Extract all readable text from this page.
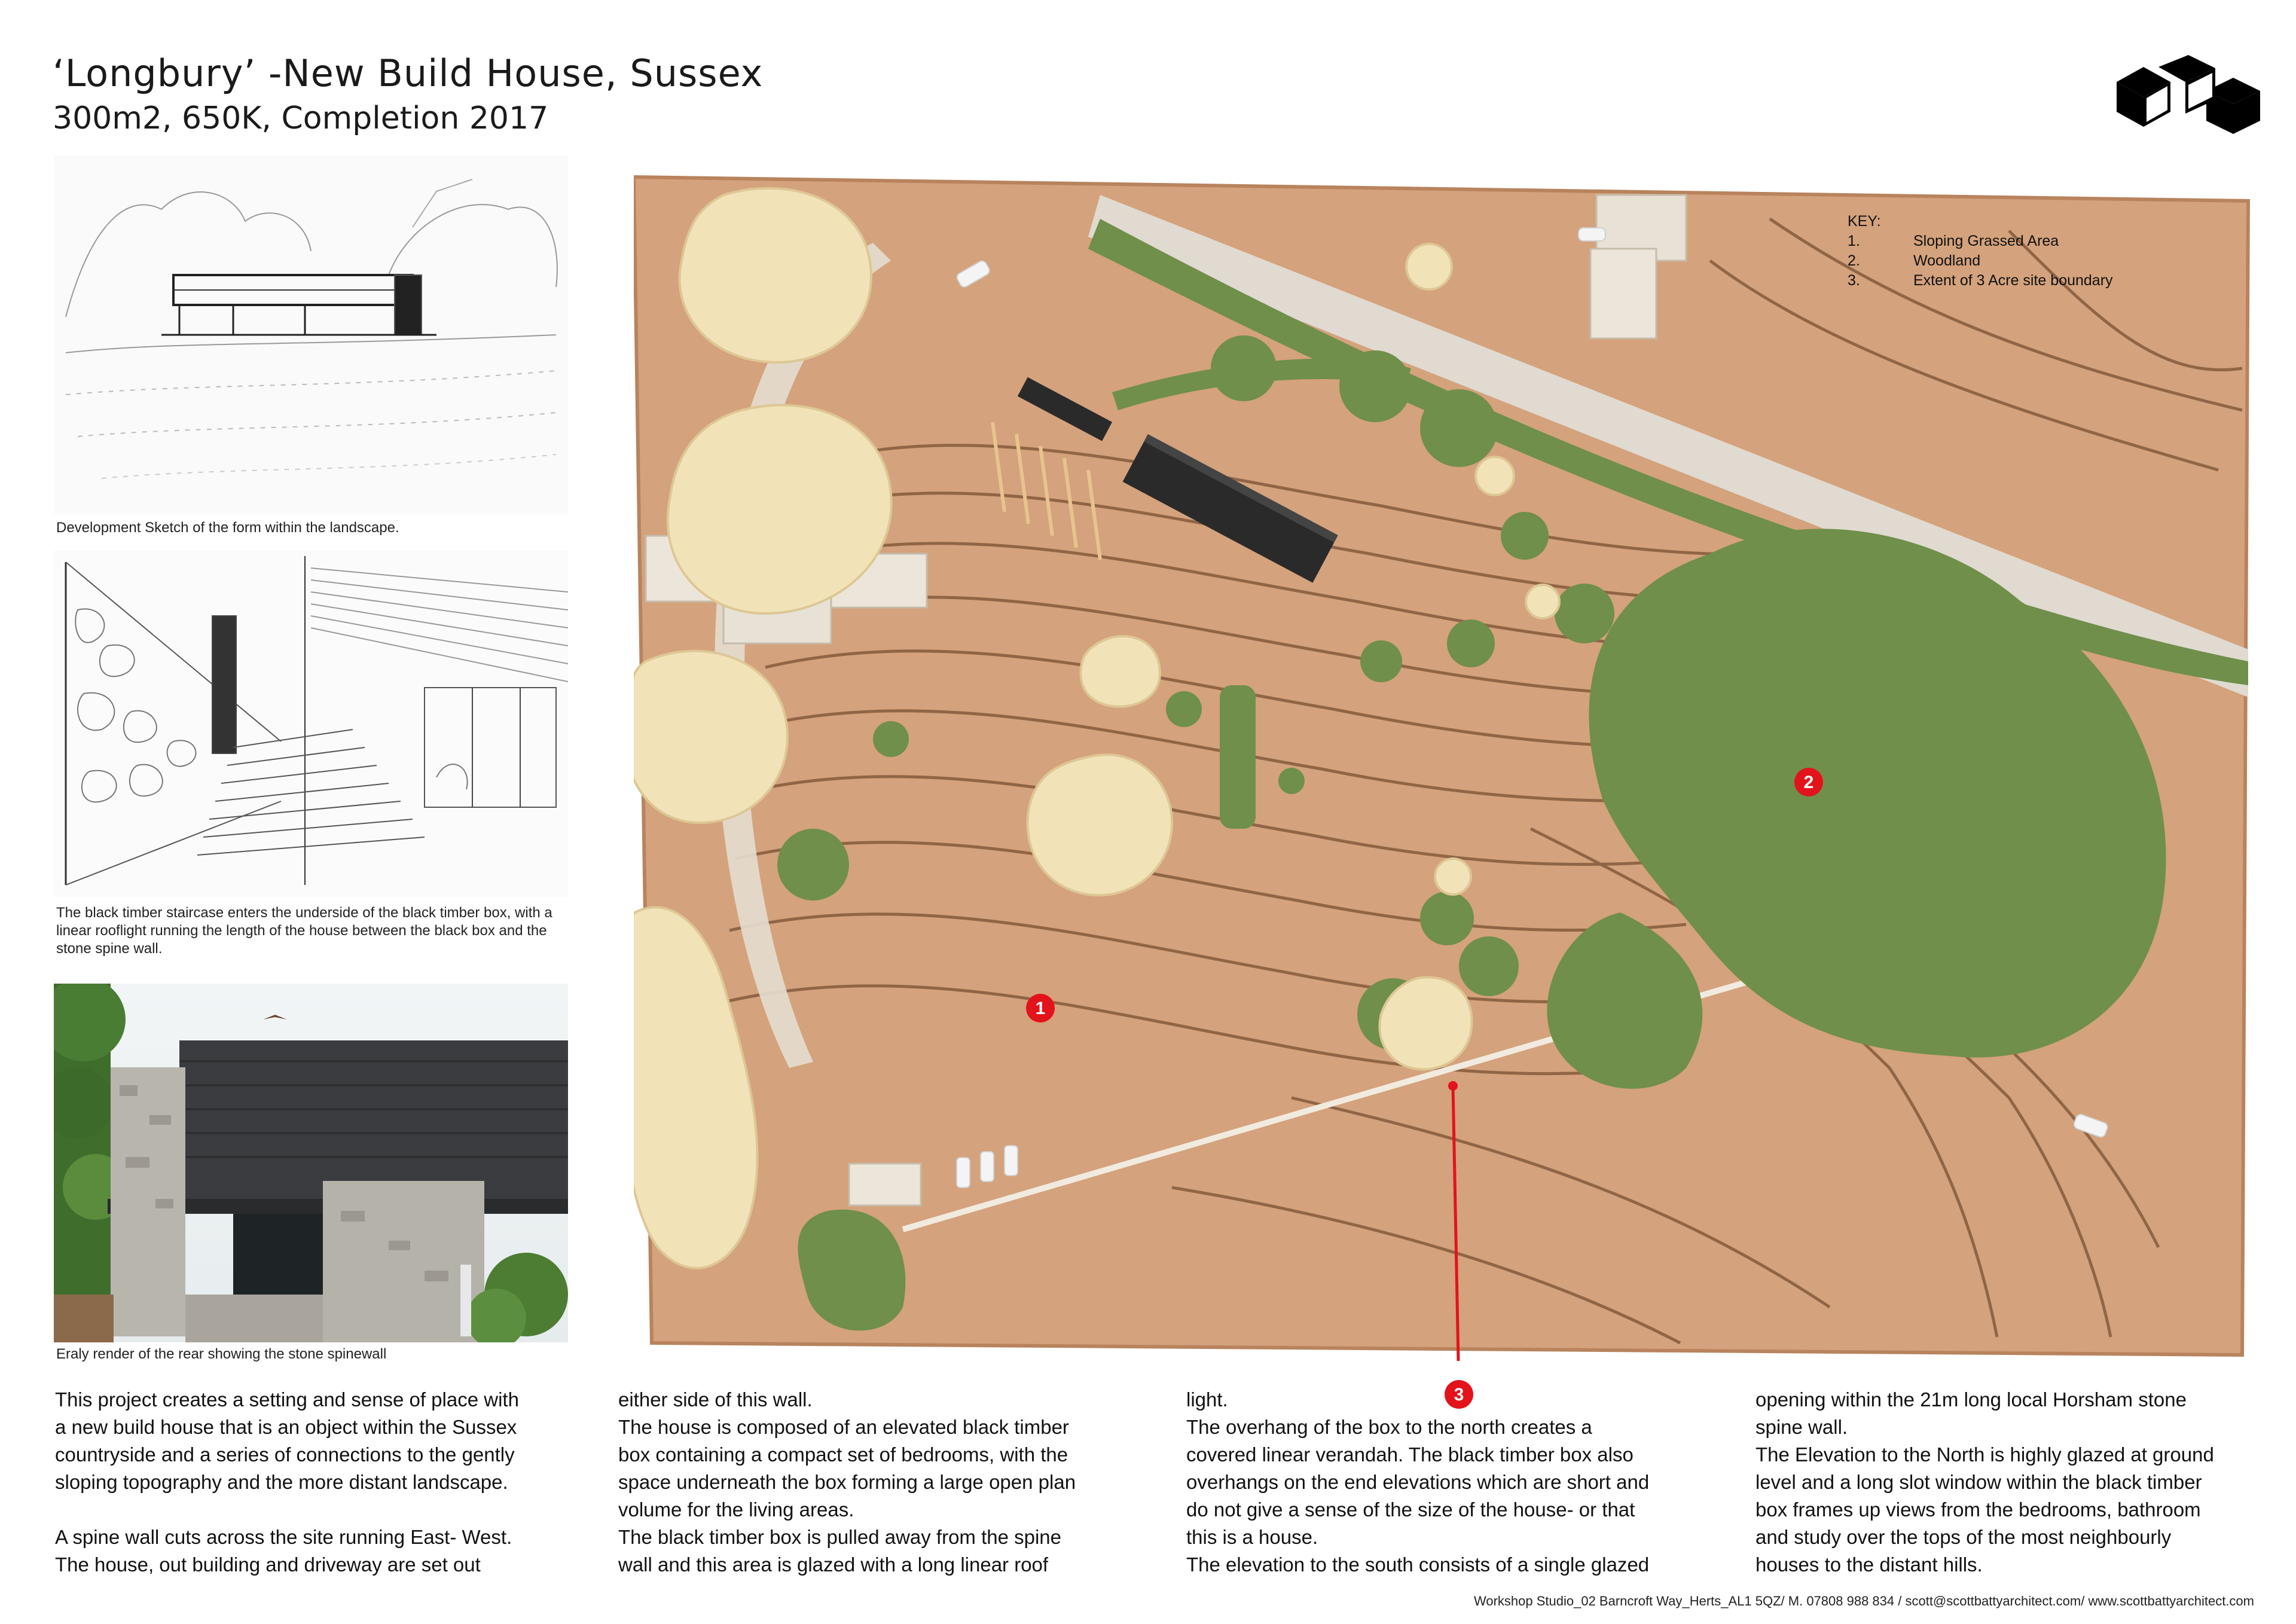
‘Longbury’ -New Build House, Sussex
300m2, 650K, Completion 2017
Development Sketch of the form within the landscape.
The black timber staircase enters the underside of the black timber box, with a linear rooflight running the length of the house between the black box and the stone spine wall.
Eraly render of the rear showing the stone spinewall
1
2
3
KEY:
1.	Sloping Grassed Area
2.	Woodland
3.	Extent of 3 Acre site boundary
This project creates a setting and sense of place with
a new build house that is an object within the Sussex
countryside and a series of connections to the gently
sloping topography and the more distant landscape.

A spine wall cuts across the site running East- West.
The house, out building and driveway are set out
either side of this wall.
The house is composed of an elevated black timber
box containing a compact set of bedrooms, with the
space underneath the box forming a large open plan
volume for the living areas.
The black timber box is pulled away from the spine
wall and this area is glazed with a long linear roof
light.
The overhang of the box to the north creates a
covered linear verandah. The black timber box also
overhangs on the end elevations which are short and
do not give a sense of the size of the house- or that
this is a house.
The elevation to the south consists of a single glazed
opening within the 21m long local Horsham stone
spine wall.
The Elevation to the North is highly glazed at ground
level and a long slot window within the black timber
box frames up views from the bedrooms, bathroom
and study over the tops of the most neighbourly
houses to the distant hills.
Workshop Studio_02 Barncroft Way_Herts_AL1 5QZ/ M. 07808 988 834 / scott@scottbattyarchitect.com/ www.scottbattyarchitect.com
